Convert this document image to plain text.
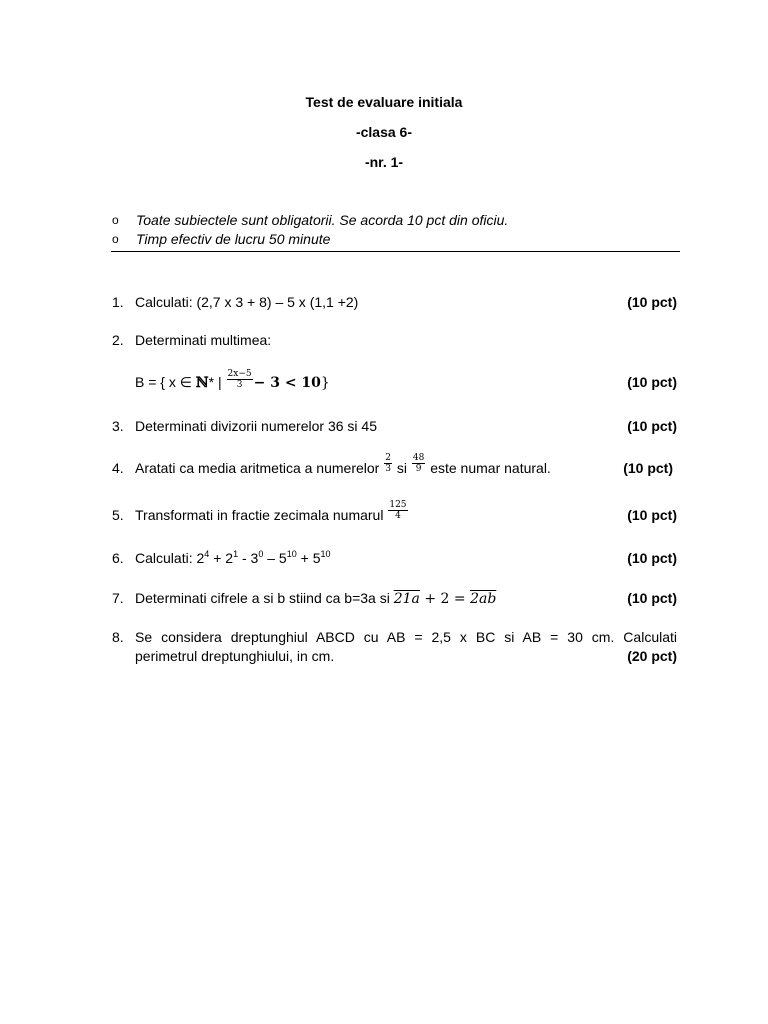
Test de evaluare initiala
-clasa 6-
-nr. 1-
o Toate subiectele sunt obligatorii. Se acorda 10 pct din oficiu.
o Timp efectiv de lucru 50 minute
1. Calculati: (2,7 x 3 + 8) – 5 x (1,1 +2)	(10 pct)
2. Determinati multimea:
B = { x ∈ ℕ* | $\frac{2x-5}{3} - 3 < 10$}	(10 pct)
3. Determinati divizorii numerelor 36 si 45	(10 pct)
4. Aratati ca media aritmetica a numerelor $\frac{2}{3}$ si $\frac{48}{9}$ este numar natural.	(10 pct)
5. Transformati in fractie zecimala numarul $\frac{125}{4}$	(10 pct)
6. Calculati: $2^4 + 2^1 - 3^0 - 5^{10} + 5^{10}$	(10 pct)
7. Determinati cifrele a si b stiind ca b=3a si 21a + 2 = 2ab	(10 pct)
8. Se considera dreptunghiul ABCD cu AB = 2,5 x BC si AB = 30 cm. Calculati
perimetrul dreptunghiului, in cm.	(20 pct)
